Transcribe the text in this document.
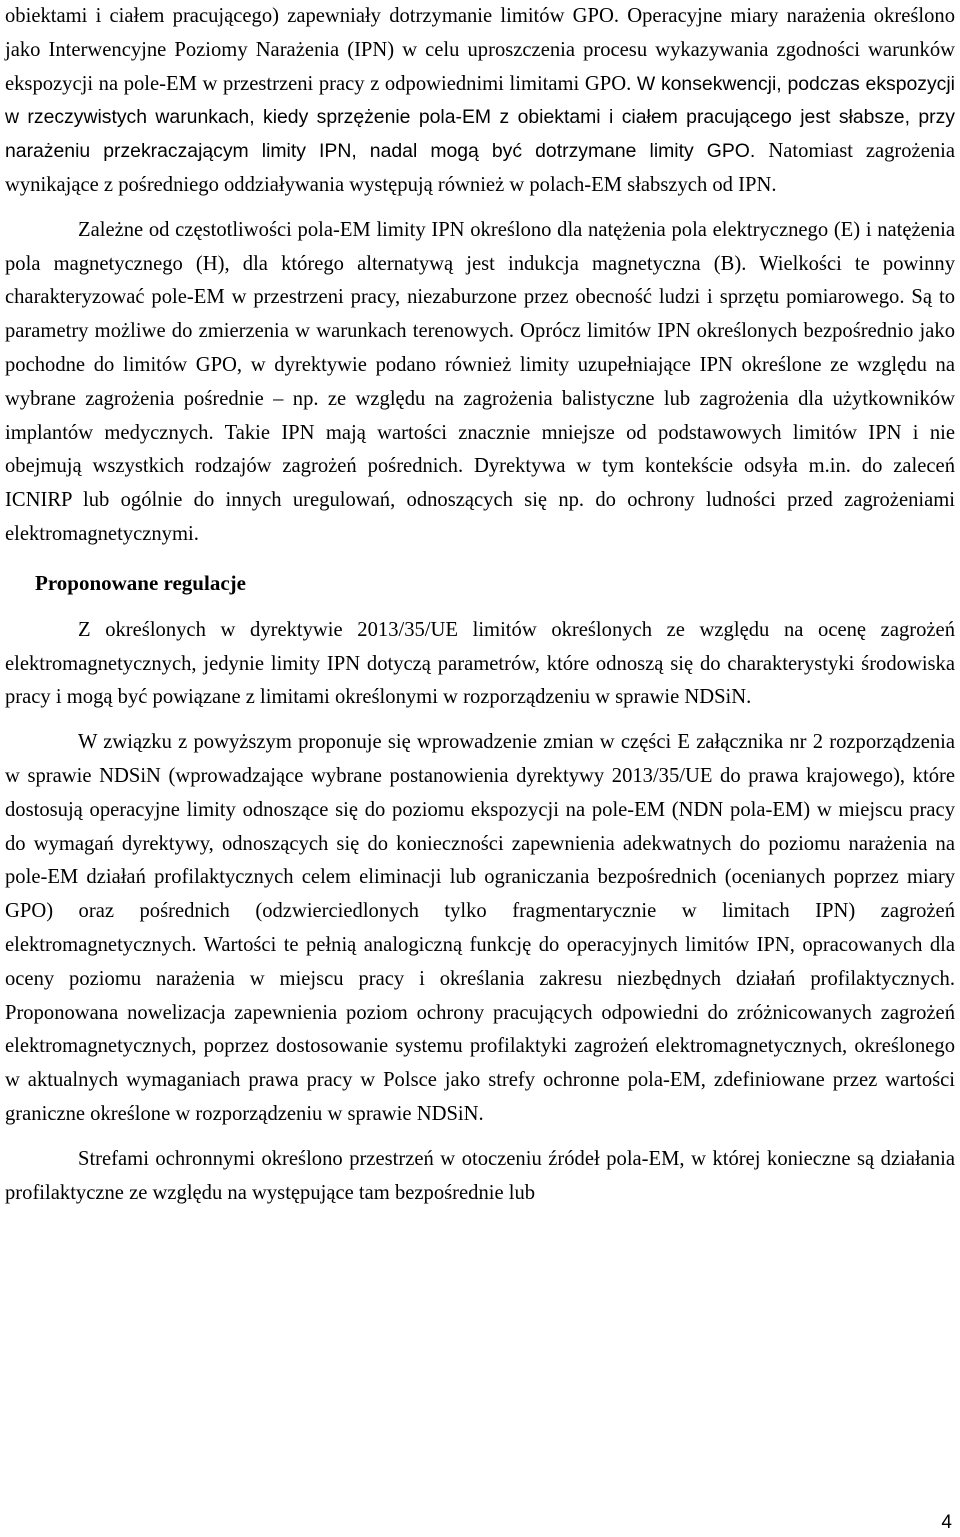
obiektami i ciałem pracującego) zapewniały dotrzymanie limitów GPO. Operacyjne miary narażenia określono jako Interwencyjne Poziomy Narażenia (IPN) w celu uproszczenia procesu wykazywania zgodności warunków ekspozycji na pole-EM w przestrzeni pracy z odpowiednimi limitami GPO. W konsekwencji, podczas ekspozycji w rzeczywistych warunkach, kiedy sprzężenie pola-EM z obiektami i ciałem pracującego jest słabsze, przy narażeniu przekraczającym limity IPN, nadal mogą być dotrzymane limity GPO. Natomiast zagrożenia wynikające z pośredniego oddziaływania występują również w polach-EM słabszych od IPN.

Zależne od częstotliwości pola-EM limity IPN określono dla natężenia pola elektrycznego (E) i natężenia pola magnetycznego (H), dla którego alternatywą jest indukcja magnetyczna (B). Wielkości te powinny charakteryzować pole-EM w przestrzeni pracy, niezaburzone przez obecność ludzi i sprzętu pomiarowego. Są to parametry możliwe do zmierzenia w warunkach terenowych. Oprócz limitów IPN określonych bezpośrednio jako pochodne do limitów GPO, w dyrektywie podano również limity uzupełniające IPN określone ze względu na wybrane zagrożenia pośrednie – np. ze względu na zagrożenia balistyczne lub zagrożenia dla użytkowników implantów medycznych. Takie IPN mają wartości znacznie mniejsze od podstawowych limitów IPN i nie obejmują wszystkich rodzajów zagrożeń pośrednich. Dyrektywa w tym kontekście odsyła m.in. do zaleceń ICNIRP lub ogólnie do innych uregulowań, odnoszących się np. do ochrony ludności przed zagrożeniami elektromagnetycznymi.

Proponowane regulacje

Z określonych w dyrektywie 2013/35/UE limitów określonych ze względu na ocenę zagrożeń elektromagnetycznych, jedynie limity IPN dotyczą parametrów, które odnoszą się do charakterystyki środowiska pracy i mogą być powiązane z limitami określonymi w rozporządzeniu w sprawie NDSiN.

W związku z powyższym proponuje się wprowadzenie zmian w części E załącznika nr 2 rozporządzenia w sprawie NDSiN (wprowadzające wybrane postanowienia dyrektywy 2013/35/UE do prawa krajowego), które dostosują operacyjne limity odnoszące się do poziomu ekspozycji na pole-EM (NDN pola-EM) w miejscu pracy do wymagań dyrektywy, odnoszących się do konieczności zapewnienia adekwatnych do poziomu narażenia na pole-EM działań profilaktycznych celem eliminacji lub ograniczania bezpośrednich (ocenianych poprzez miary GPO) oraz pośrednich (odzwierciedlonych tylko fragmentarycznie w limitach IPN) zagrożeń elektromagnetycznych. Wartości te pełnią analogiczną funkcję do operacyjnych limitów IPN, opracowanych dla oceny poziomu narażenia w miejscu pracy i określania zakresu niezbędnych działań profilaktycznych. Proponowana nowelizacja zapewnienia poziom ochrony pracujących odpowiedni do zróżnicowanych zagrożeń elektromagnetycznych, poprzez dostosowanie systemu profilaktyki zagrożeń elektromagnetycznych, określonego w aktualnych wymaganiach prawa pracy w Polsce jako strefy ochronne pola-EM, zdefiniowane przez wartości graniczne określone w rozporządzeniu w sprawie NDSiN.

Strefami ochronnymi określono przestrzeń w otoczeniu źródeł pola-EM, w której konieczne są działania profilaktyczne ze względu na występujące tam bezpośrednie lub

4
